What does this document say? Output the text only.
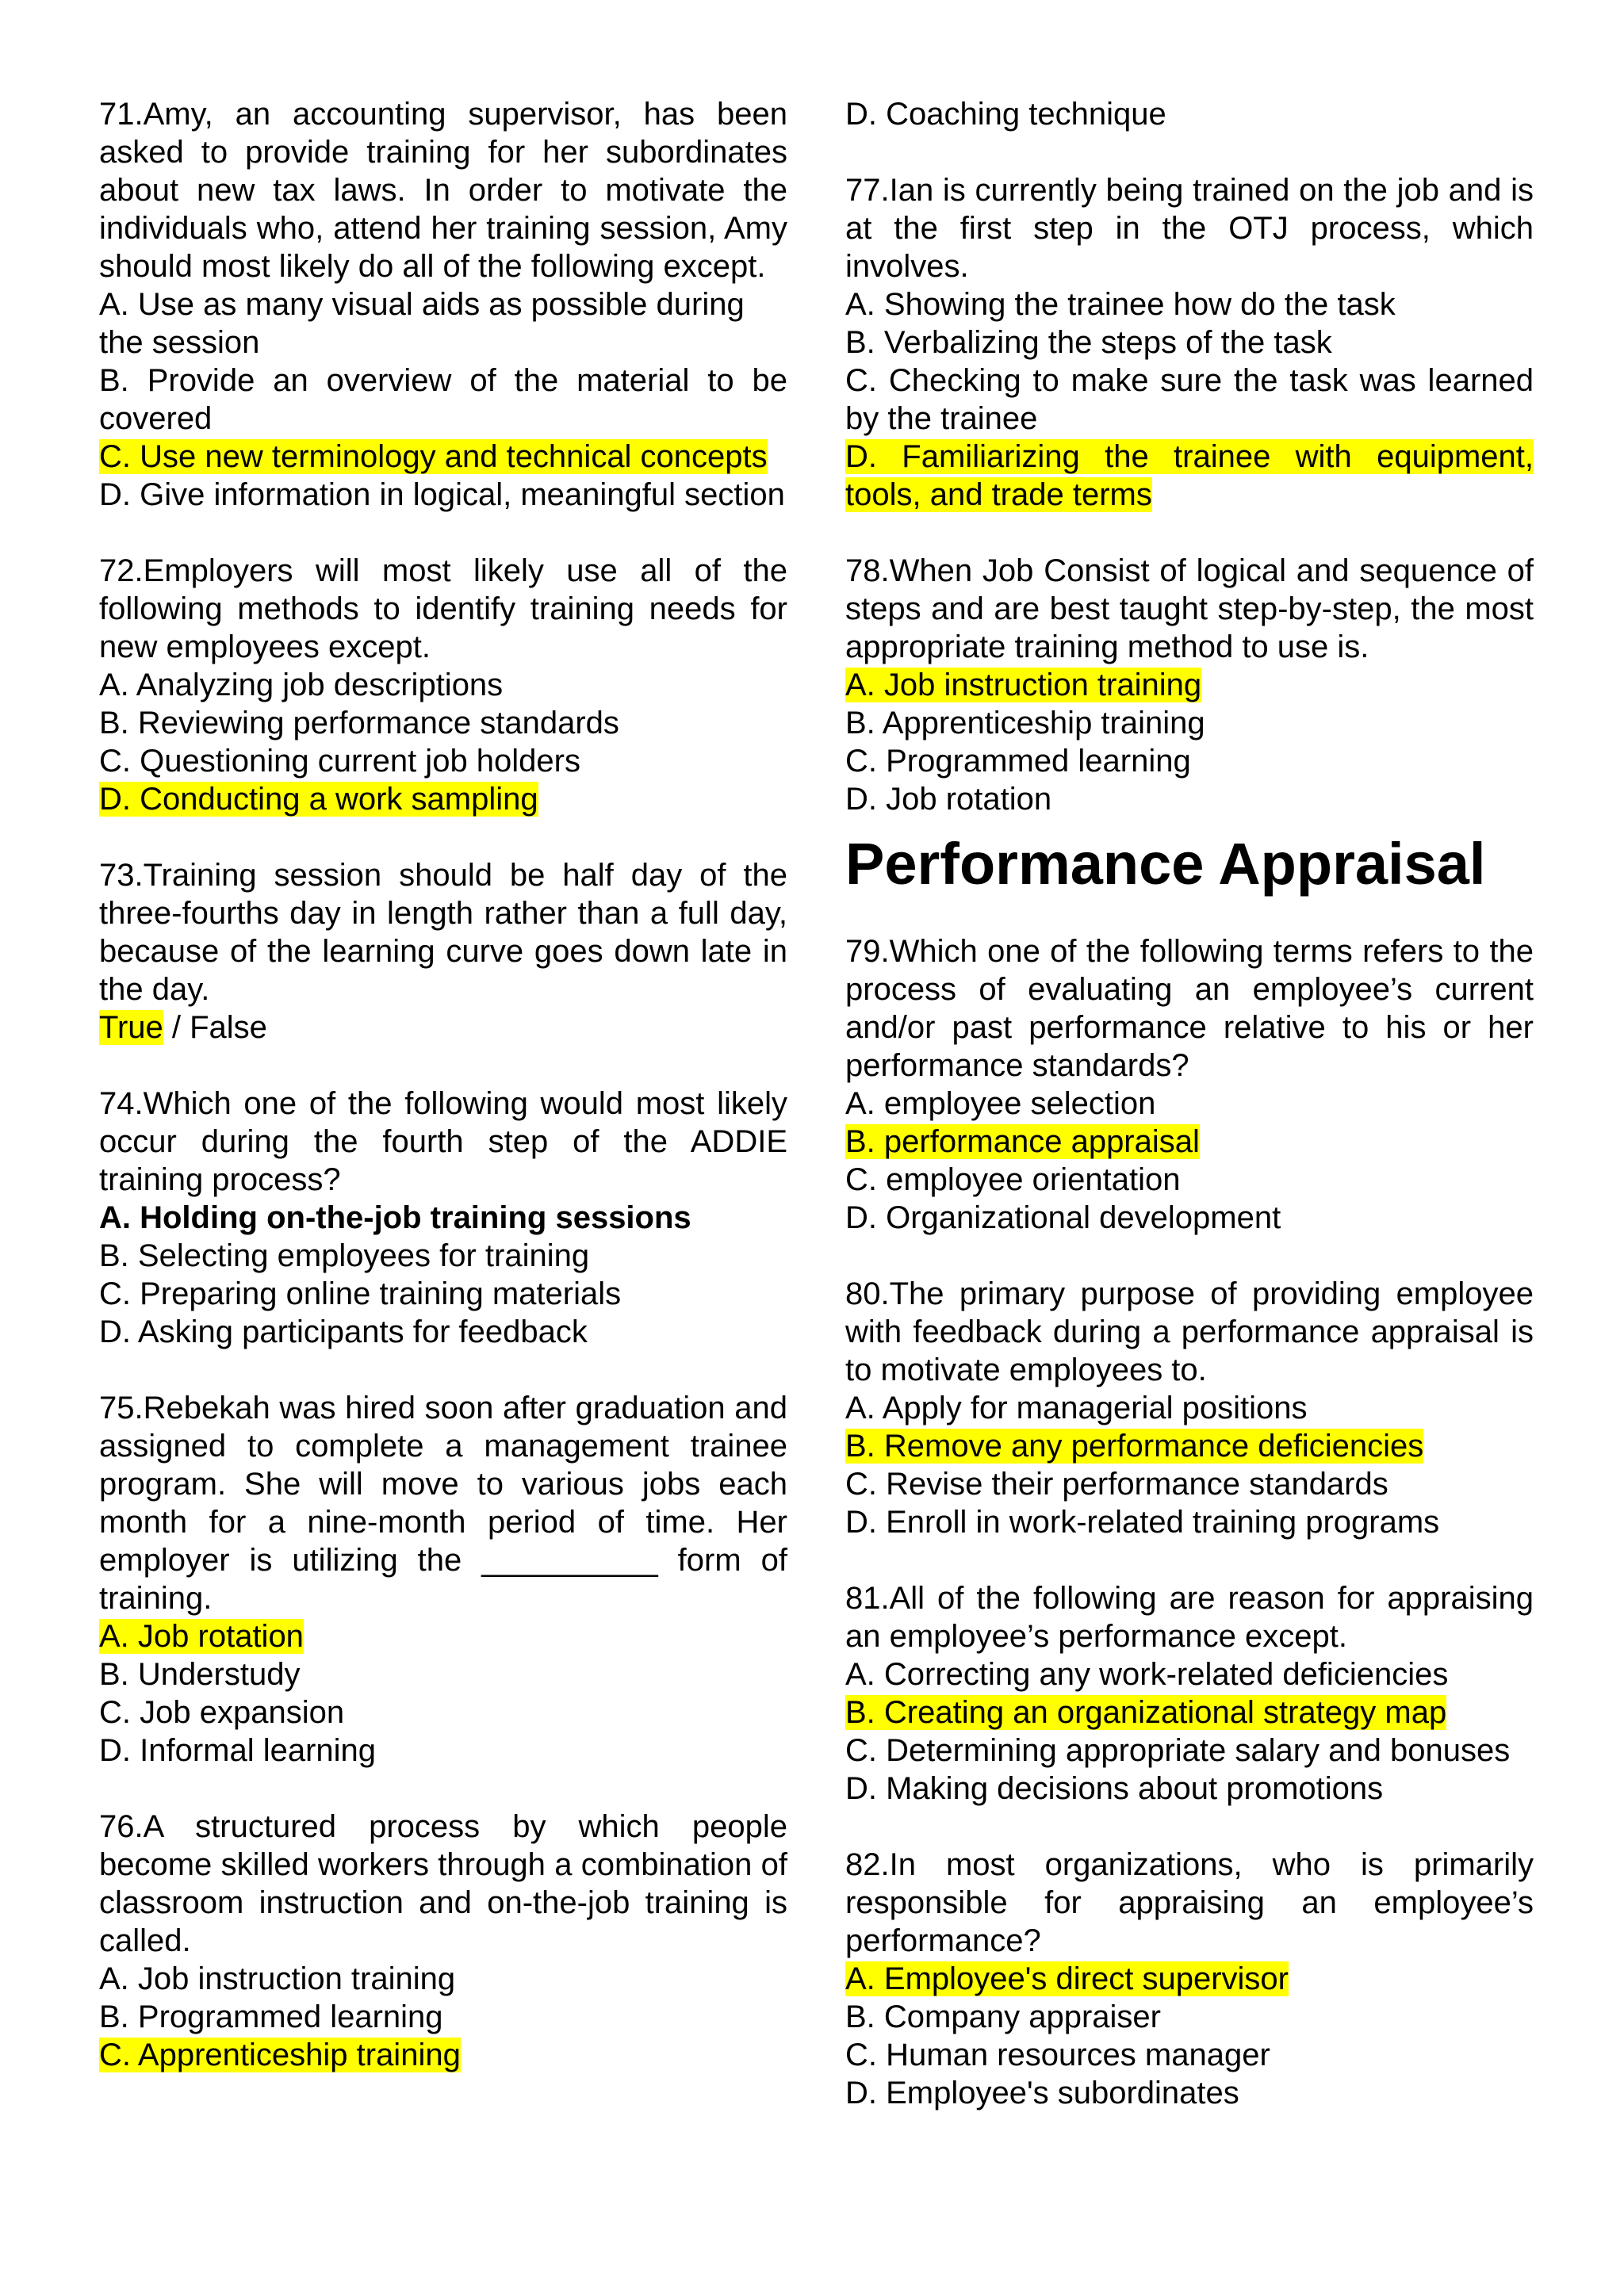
71.Amy, an accounting supervisor, has been asked to provide training for her subordinates about new tax laws. In order to motivate the individuals who, attend her training session, Amy should most likely do all of the following except.

A. Use as many visual aids as possible during the session

B. Provide an overview of the material to be covered

C. Use new terminology and technical concepts

D. Give information in logical, meaningful section

72.Employers will most likely use all of the following methods to identify training needs for new employees except.

A. Analyzing job descriptions

B. Reviewing performance standards

C. Questioning current job holders

D. Conducting a work sampling

73.Training session should be half day of the three-fourths day in length rather than a full day, because of the learning curve goes down late in the day.

True / False

74.Which one of the following would most likely occur during the fourth step of the ADDIE training process?

A. Holding on-the-job training sessions

B. Selecting employees for training

C. Preparing online training materials

D. Asking participants for feedback

75.Rebekah was hired soon after graduation and assigned to complete a management trainee program. She will move to various jobs each month for a nine-month period of time. Her employer is utilizing the __________ form of training.

A. Job rotation

B. Understudy

C. Job expansion

D. Informal learning

76.A structured process by which people become skilled workers through a combination of classroom instruction and on-the-job training is called.

A. Job instruction training

B. Programmed learning

C. Apprenticeship training

D. Coaching technique

77.Ian is currently being trained on the job and is at the first step in the OTJ process, which involves.

A. Showing the trainee how do the task

B. Verbalizing the steps of the task

C. Checking to make sure the task was learned by the trainee

D. Familiarizing the trainee with equipment, tools, and trade terms

78.When Job Consist of logical and sequence of steps and are best taught step-by-step, the most appropriate training method to use is.

A. Job instruction training

B. Apprenticeship training

C. Programmed learning

D. Job rotation

Performance Appraisal

79.Which one of the following terms refers to the process of evaluating an employee’s current and/or past performance relative to his or her performance standards?

A. employee selection

B. performance appraisal

C. employee orientation

D. Organizational development

80.The primary purpose of providing employee with feedback during a performance appraisal is to motivate employees to.

A. Apply for managerial positions

B. Remove any performance deficiencies

C. Revise their performance standards

D. Enroll in work-related training programs

81.All of the following are reason for appraising an employee’s performance except.

A. Correcting any work-related deficiencies

B. Creating an organizational strategy map

C. Determining appropriate salary and bonuses

D. Making decisions about promotions

82.In most organizations, who is primarily responsible for appraising an employee’s performance?

A. Employee's direct supervisor

B. Company appraiser

C. Human resources manager

D. Employee's subordinates
